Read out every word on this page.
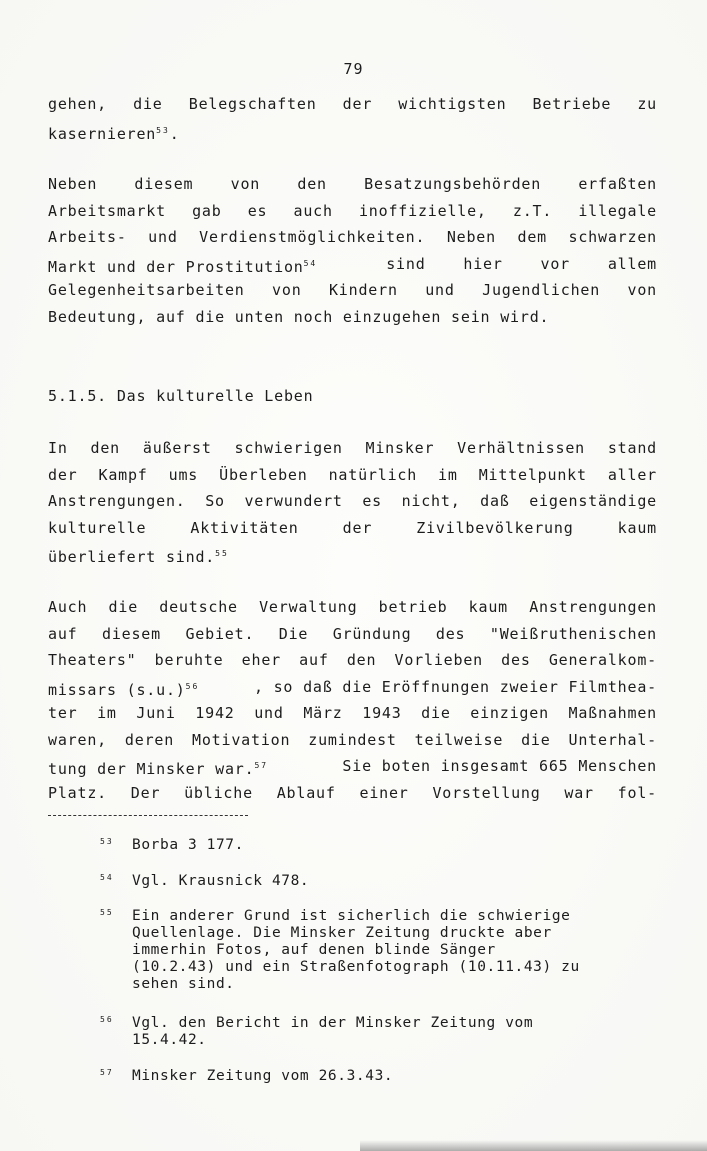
79
gehen, die Belegschaften der wichtigsten Betriebe zu
kasernieren$^{53}$.
Neben diesem von den Besatzungsbehörden erfaßten
Arbeitsmarkt gab es auch inoffizielle, z.T. illegale
Arbeits- und Verdienstmöglichkeiten. Neben dem schwarzen
Markt und der Prostitution$^{54}$	sind hier vor allem
Gelegenheitsarbeiten von Kindern und Jugendlichen von
Bedeutung, auf die unten noch einzugehen sein wird.
5.1.5. Das kulturelle Leben
In den äußerst schwierigen Minsker Verhältnissen stand
der Kampf ums Überleben natürlich im Mittelpunkt aller
Anstrengungen. So verwundert es nicht, daß eigenständige
kulturelle Aktivitäten der Zivilbevölkerung kaum
überliefert sind.$^{55}$
Auch die deutsche Verwaltung betrieb kaum Anstrengungen
auf diesem Gebiet. Die Gründung des "Weißruthenischen
Theaters" beruhte eher auf den Vorlieben des Generalkom-
missars (s.u.)$^{56}$	, so daß die Eröffnungen zweier Filmthea-
ter im Juni 1942 und März 1943 die einzigen Maßnahmen
waren, deren Motivation zumindest teilweise die Unterhal-
tung der Minsker war.$^{57}$	Sie boten insgesamt 665 Menschen
Platz. Der übliche Ablauf einer Vorstellung war fol-
53 Borba 3 177.
54 Vgl. Krausnick 478.
55 Ein anderer Grund ist sicherlich die schwierige
Quellenlage. Die Minsker Zeitung druckte aber
immerhin Fotos, auf denen blinde Sänger
(10.2.43) und ein Straßenfotograph (10.11.43) zu
sehen sind.
56 Vgl. den Bericht in der Minsker Zeitung vom
15.4.42.
57 Minsker Zeitung vom 26.3.43.
